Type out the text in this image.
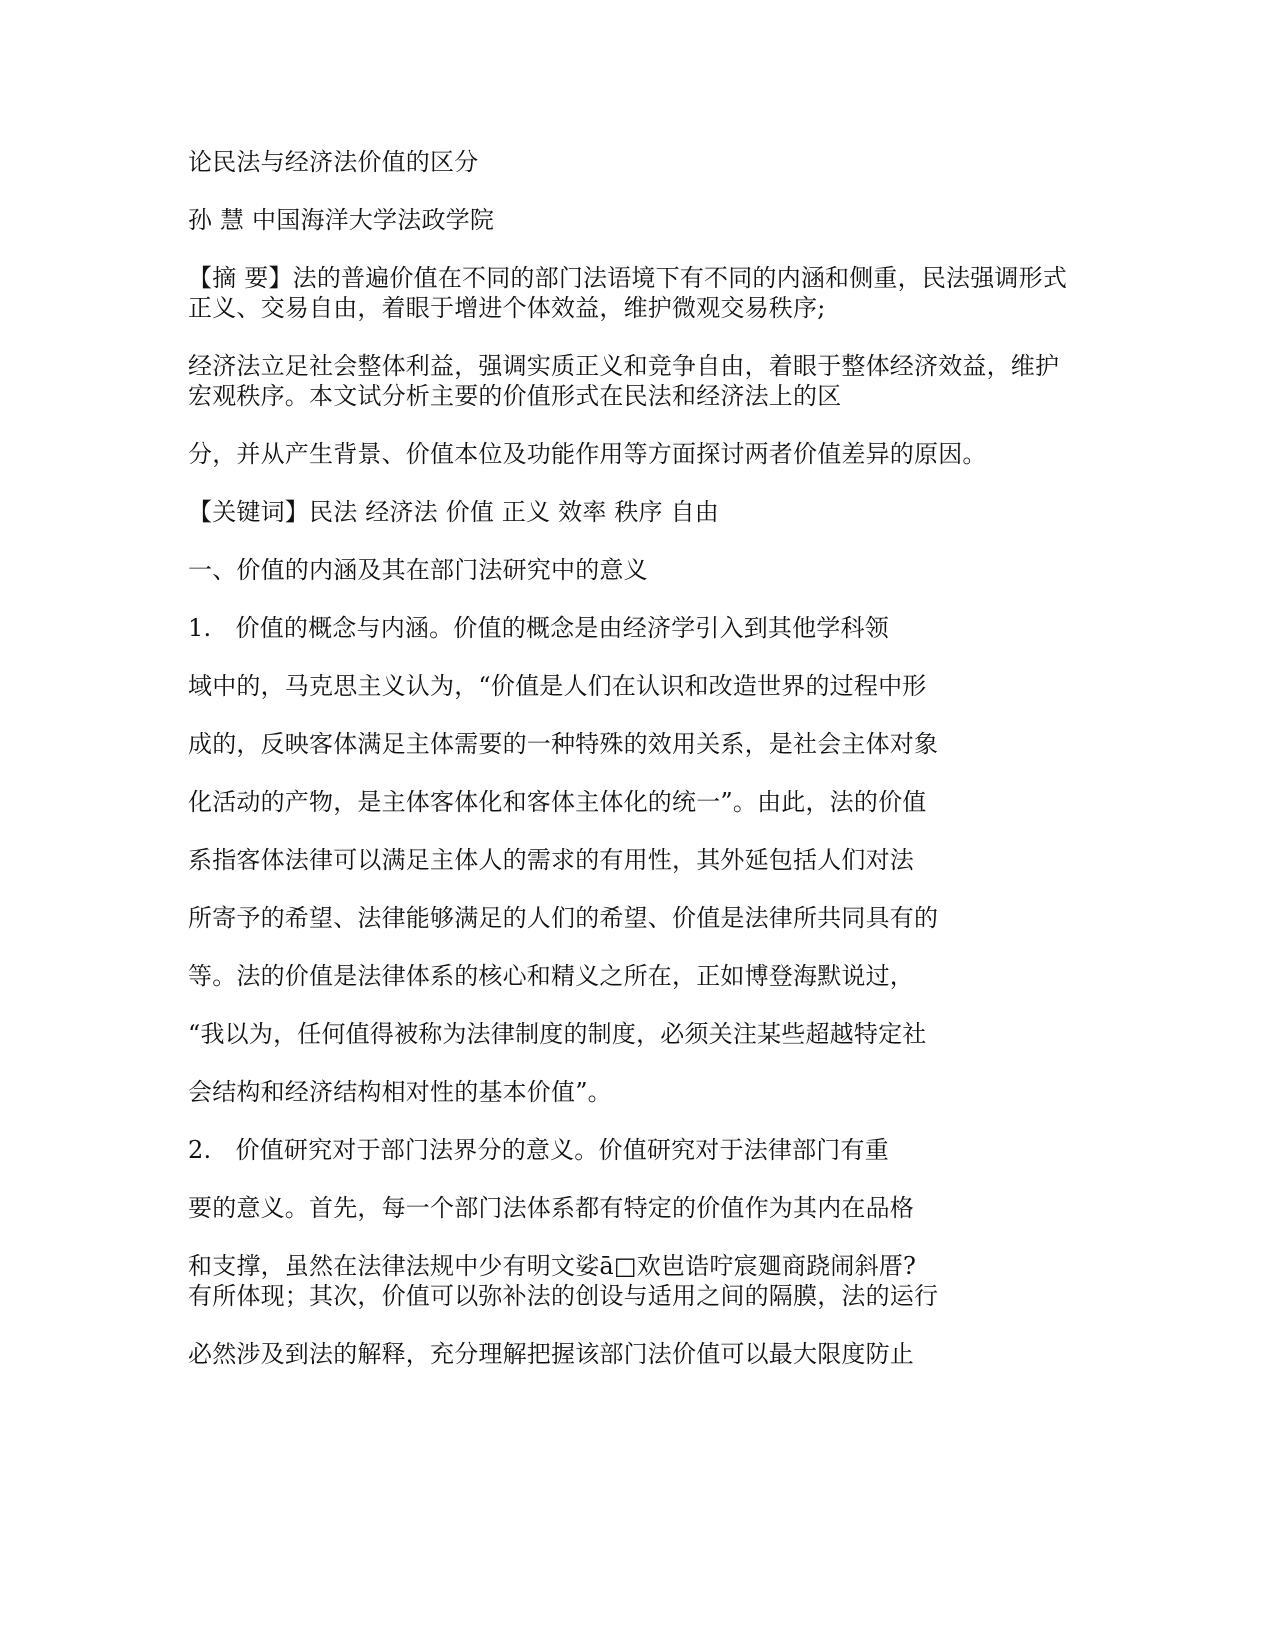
论民法与经济法价值的区分
孙 慧 中国海洋大学法政学院
【摘 要】法的普遍价值在不同的部门法语境下有不同的内涵和侧重，民法强调形式
正义、交易自由，着眼于增进个体效益，维护微观交易秩序;
经济法立足社会整体利益，强调实质正义和竞争自由，着眼于整体经济效益，维护
宏观秩序。本文试分析主要的价值形式在民法和经济法上的区
分，并从产生背景、价值本位及功能作用等方面探讨两者价值差异的原因。
【关键词】民法 经济法 价值 正义 效率 秩序 自由
一、价值的内涵及其在部门法研究中的意义
1.　价值的概念与内涵。价值的概念是由经济学引入到其他学科领
域中的，马克思主义认为，“价值是人们在认识和改造世界的过程中形
成的，反映客体满足主体需要的一种特殊的效用关系，是社会主体对象
化活动的产物，是主体客体化和客体主体化的统一”。由此，法的价值
系指客体法律可以满足主体人的需求的有用性，其外延包括人们对法
所寄予的希望、法律能够满足的人们的希望、价值是法律所共同具有的
等。法的价值是法律体系的核心和精义之所在，正如博登海默说过，
“我以为，任何值得被称为法律制度的制度，必须关注某些超越特定社
会结构和经济结构相对性的基本价值”。
2.　价值研究对于部门法界分的意义。价值研究对于法律部门有重
要的意义。首先，每一个部门法体系都有特定的价值作为其内在品格
和支撑，虽然在法律法规中少有明文娑ā□欢岜诰咛宸廽商跷闹斜厝?
有所体现；其次，价值可以弥补法的创设与适用之间的隔膜，法的运行
必然涉及到法的解释，充分理解把握该部门法价值可以最大限度防止
